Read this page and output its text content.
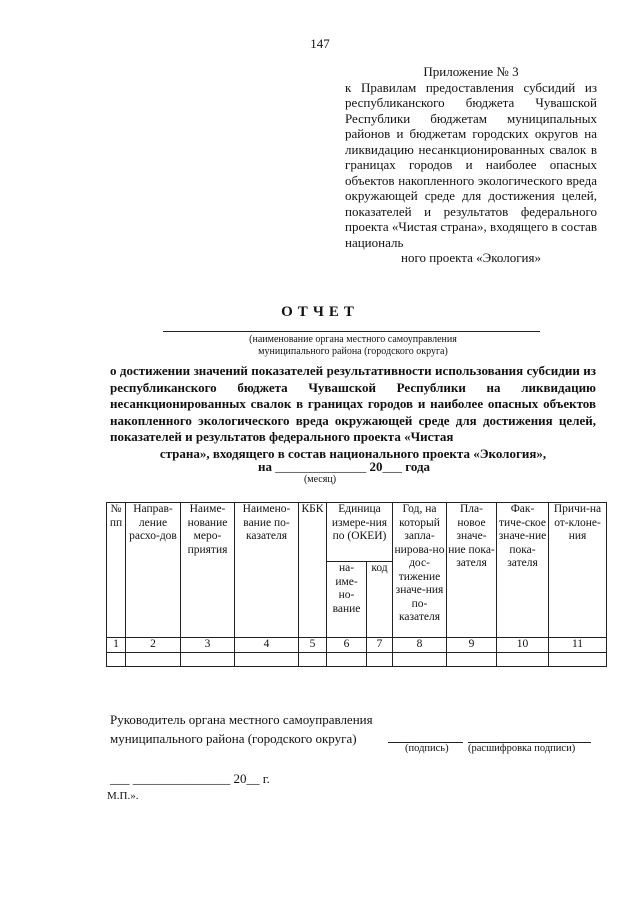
147
Приложение № 3

к Правилам предоставления субсидий из республиканского бюджета Чувашской Республики бюджетам муниципальных районов и бюджетам городских округов на ликвидацию несанкционированных свалок в границах городов и наиболее опасных объектов накопленного экологического вреда окружающей среде для достижения целей, показателей и результатов федерального проекта «Чистая страна», входящего в состав националь

ного проекта «Экология»
ОТЧЕТ
(наименование органа местного самоуправления
муниципального района (городского округа)
о достижении значений показателей результативности использования субсидии из республиканского бюджета Чувашской Республики на ликвидацию несанкционированных свалок в границах городов и наиболее опасных объектов накопленного экологического вреда окружающей среде для достижения целей, показателей и результатов федерального проекта «Чистая
страна», входящего в состав национального проекта «Экология»,
на ______________ 20___ года
(месяц)
№ пп	Направ-ление расхо-дов	Наиме-нование меро-приятия	Наимено-вание по-казателя	КБК	Единица измере-ния по (ОКЕИ)		Год, на который запла-нирова-но дос-тижение значе-ния по-казателя	Пла-новое значе-ние пока-зателя	Фак-тиче-ское значе-ние пока-зателя	Причи-на от-клоне-ния
					на-име-но-вание	код				
1	2	3	4	5	6	7	8	9	10	11

Руководитель органа местного самоуправления
муниципального района (городского округа)
(подпись) (расшифровка подписи)
___ _______________ 20__ г.
М.П.».
